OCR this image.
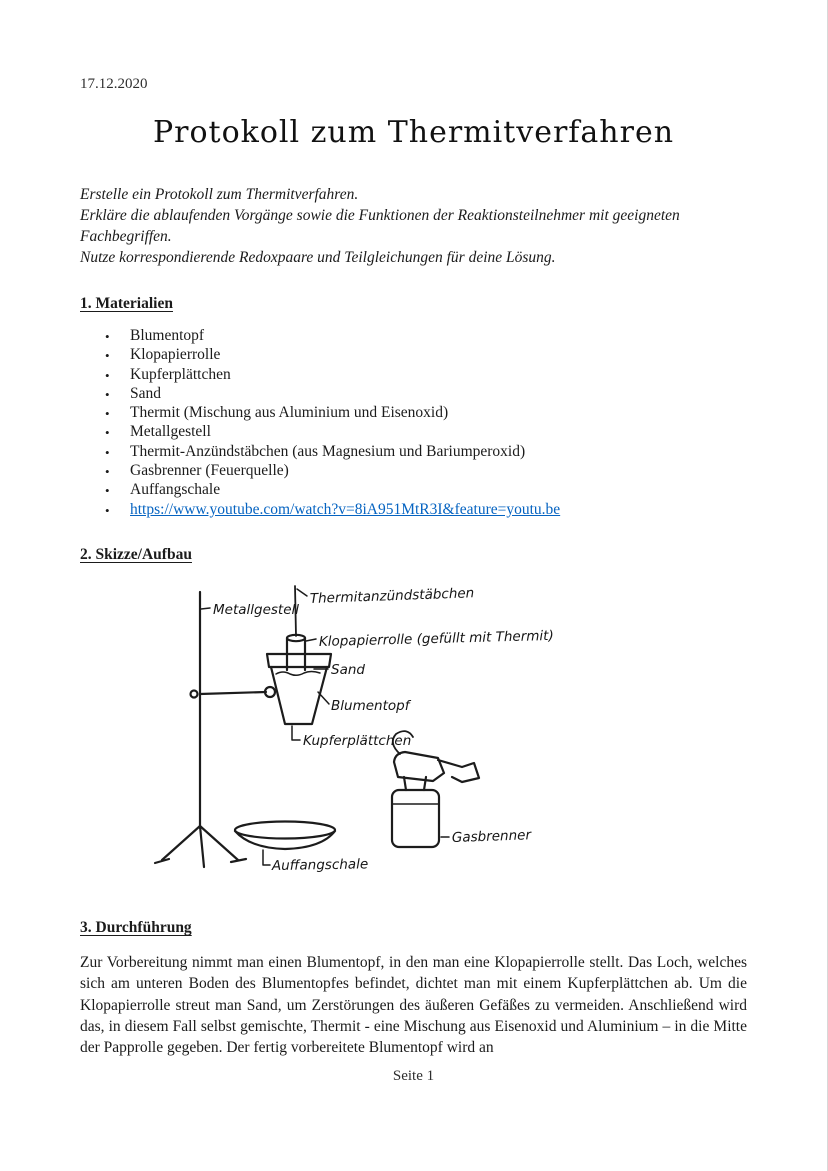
17.12.2020
Protokoll zum Thermitverfahren

Erstelle ein Protokoll zum Thermitverfahren.

Erkläre die ablaufenden Vorgänge sowie die Funktionen der Reaktionsteilnehmer mit geeigneten Fachbegriffen.

Nutze korrespondierende Redoxpaare und Teilgleichungen für deine Lösung.

1. Materialien
• Blumentopf
• Klopapierrolle
• Kupferplättchen
• Sand
• Thermit (Mischung aus Aluminium und Eisenoxid)
• Metallgestell
• Thermit-Anzündstäbchen (aus Magnesium und Bariumperoxid)
• Gasbrenner (Feuerquelle)
• Auffangschale
• https://www.youtube.com/watch?v=8iA951MtR3I&feature=youtu.be
2. Skizze/Aufbau
Metallgestell
Thermitanzündstäbchen
Klopapierrolle (gefüllt mit Thermit)
Sand
Blumentopf
Kupferplättchen
Gasbrenner
Auffangschale
3. Durchführung

Zur Vorbereitung nimmt man einen Blumentopf, in den man eine Klopapierrolle stellt. Das Loch, welches sich am unteren Boden des Blumentopfes befindet, dichtet man mit einem Kupferplättchen ab. Um die Klopapierrolle streut man Sand, um Zerstörungen des äußeren Gefäßes zu vermeiden. Anschließend wird das, in diesem Fall selbst gemischte, Thermit - eine Mischung aus Eisenoxid und Aluminium – in die Mitte der Papprolle gegeben. Der fertig vorbereitete Blumentopf wird an

Seite 1
